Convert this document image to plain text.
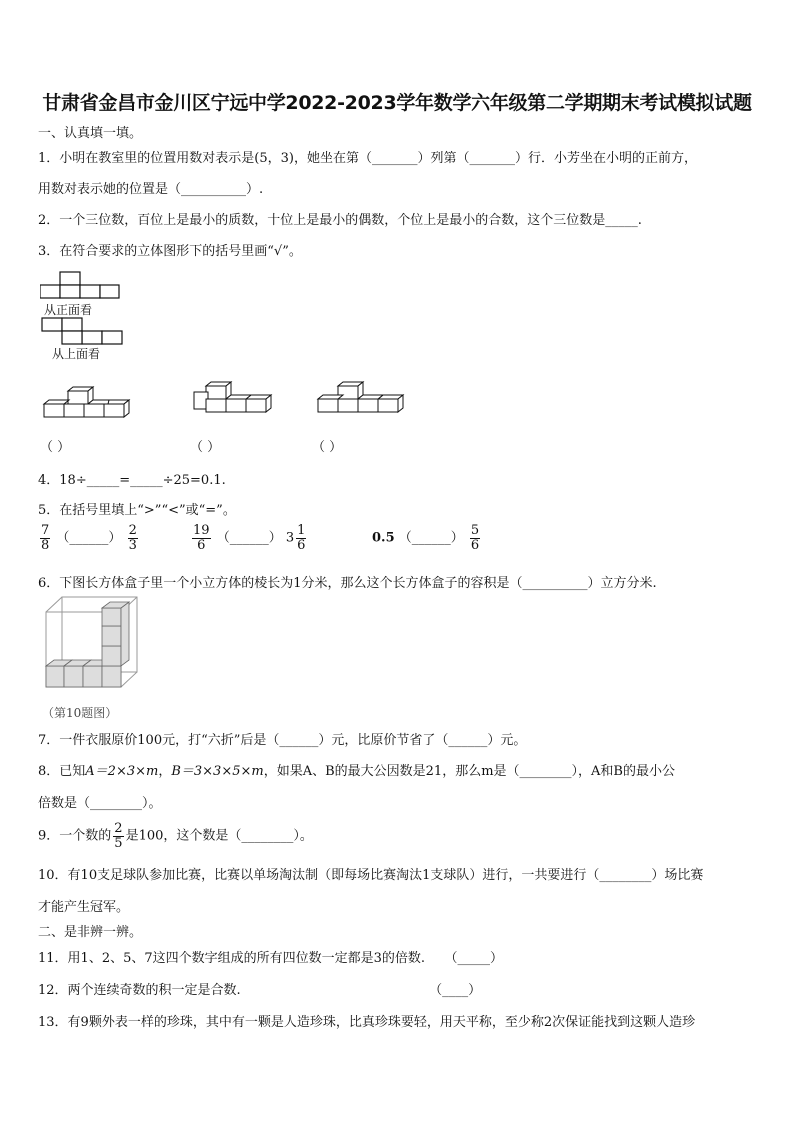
甘肃省金昌市金川区宁远中学2022-2023学年数学六年级第二学期期末考试模拟试题
一、认真填一填。
1．小明在教室里的位置用数对表示是(5，3)，她坐在第（_______）列第（_______）行．小芳坐在小明的正前方，
用数对表示她的位置是（__________）.
2．一个三位数，百位上是最小的质数，十位上是最小的偶数，个位上是最小的合数，这个三位数是_____.
3．在符合要求的立体图形下的括号里画“√”。
从正面看
从上面看
（ ）	（ ）	（ ）
4．18÷_____=_____÷25=0.1.
5．在括号里填上“>”“<”或“=”。
$\frac{7}{8}$ （______） $\frac{2}{3}$	$\frac{19}{6}$ （______） $3 \frac{1}{6}$	0.5 （______） $\frac{5}{6}$
6．下图长方体盒子里一个小立方体的棱长为1分米，那么这个长方体盒子的容积是（__________）立方分米.
（第10题图）
7．一件衣服原价100元，打“六折”后是（______）元，比原价节省了（______）元。
8．已知A＝2×3×m，B＝3×3×5×m，如果A、B的最大公因数是21，那么m是（________），A和B的最小公
倍数是（________）。
9．一个数的 $\frac{2}{5}$ 是100，这个数是（________）。
10．有10支足球队参加比赛，比赛以单场淘汰制（即每场比赛淘汰1支球队）进行，一共要进行（________）场比赛
才能产生冠军。
二、是非辨一辨。
11．用1、2、5、7这四个数字组成的所有四位数一定都是3的倍数.　　（_____）
12．两个连续奇数的积一定是合数.　　　　　　　　　　　　　　　（____）
13．有9颗外表一样的珍珠，其中有一颗是人造珍珠，比真珍珠要轻，用天平称，至少称2次保证能找到这颗人造珍
